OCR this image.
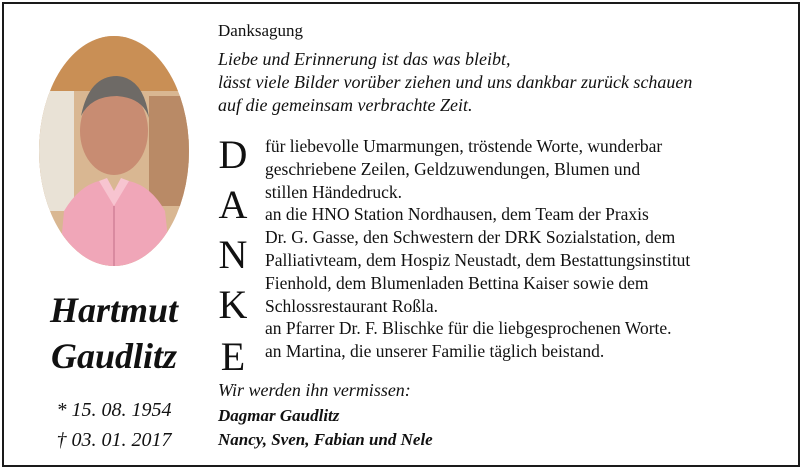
Hartmut
Gaudlitz
* 15. 08. 1954
† 03. 01. 2017
Danksagung
Liebe und Erinnerung ist das was bleibt,
lässt viele Bilder vorüber ziehen und uns dankbar zurück schauen
auf die gemeinsam verbrachte Zeit.
D
A
N
K
E
für liebevolle Umarmungen, tröstende Worte, wunderbar
geschriebene Zeilen, Geldzuwendungen, Blumen und
stillen Händedruck.
an die HNO Station Nordhausen, dem Team der Praxis
Dr. G. Gasse, den Schwestern der DRK Sozialstation, dem
Palliativteam, dem Hospiz Neustadt, dem Bestattungsinstitut
Fienhold, dem Blumenladen Bettina Kaiser sowie dem
Schlossrestaurant Roßla.
an Pfarrer Dr. F. Blischke für die liebgesprochenen Worte.
an Martina, die unserer Familie täglich beistand.
Wir werden ihn vermissen:
Dagmar Gaudlitz
Nancy, Sven, Fabian und Nele
